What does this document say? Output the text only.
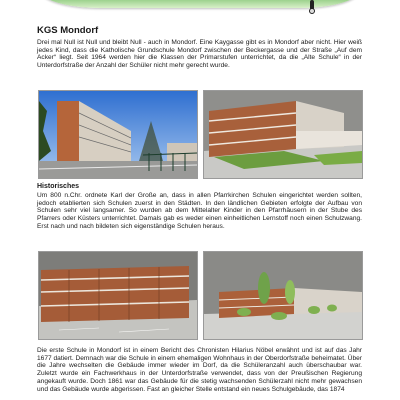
KGS Mondorf

Drei mal Null ist Null und bleibt Null - auch in Mondorf. Eine Kaygasse gibt es in Mondorf aber nicht. Hier weiß jedes Kind, dass die Katholische Grundschule Mondorf zwischen der Beckergasse und der Straße „Auf dem Acker“ liegt. Seit 1964 werden hier die Klassen der Primarstufen unterrichtet, da die „Alte Schule“ in der Unterdorfstraße der Anzahl der Schüler nicht mehr gerecht wurde.

Historisches

Um 800 n.Chr. ordnete Karl der Große an, dass in allen Pfarrkirchen Schulen eingerichtet werden sollten, jedoch etablierten sich Schulen zuerst in den Städten. In den ländlichen Gebieten erfolgte der Aufbau von Schulen sehr viel langsamer. So wurden ab dem Mittelalter Kinder in den Pfarrhäusern in der Stube des Pfarrers oder Küsters unterrichtet. Damals gab es weder einen einheitlichen Lernstoff noch einen Schulzwang. Erst nach und nach bildeten sich eigenständige Schulen heraus.

Die erste Schule in Mondorf ist in einem Bericht des Chronisten Hilarius Nöbel erwähnt und ist auf das Jahr 1677 datiert. Demnach war die Schule in einem ehemaligen Wohnhaus in der Oberdorfstraße beheimatet. Über die Jahre wechselten die Gebäude immer wieder im Dorf, da die Schüleranzahl auch überschaubar war. Zuletzt wurde ein Fachwerkhaus in der Unterdorfstraße verwendet, dass von der Preußischen Regierung angekauft wurde. Doch 1861 war das Gebäude für die stetig wachsenden Schülerzahl nicht mehr gewachsen und das Gebäude wurde abgerissen. Fast an gleicher Stelle entstand ein neues Schulgebäude, das 1874
